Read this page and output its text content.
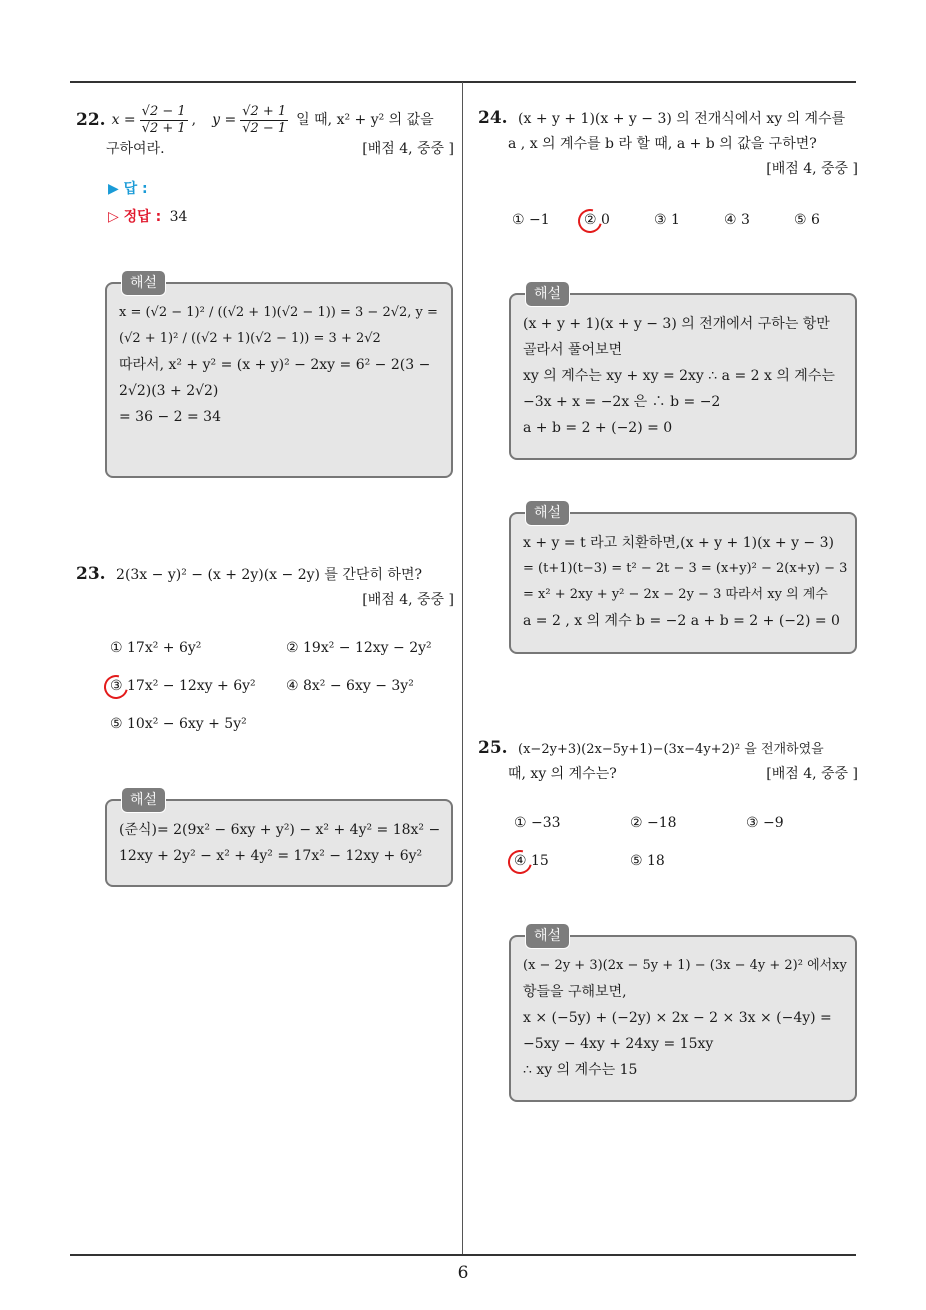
22. $x = \frac{√2 - 1}{√2 + 1}$ , $y = \frac{√2 + 1}{√2 - 1}$ 일 때, x² + y² 의 값을
구하여라.	[배점 4, 중중 ]
▶ 답 :
▷ 정답 : 34
해설
x = (√2 − 1)² / ((√2 + 1)(√2 − 1)) = 3 − 2√2, y =
(√2 + 1)² / ((√2 + 1)(√2 − 1)) = 3 + 2√2
따라서, x² + y² = (x + y)² − 2xy = 6² − 2(3 −
2√2)(3 + 2√2)
= 36 − 2 = 34
23. 2(3x − y)² − (x + 2y)(x − 2y) 를 간단히 하면?
[배점 4, 중중 ]
① 17x² + 6y²	② 19x² − 12xy − 2y²
③ 17x² − 12xy + 6y² ④ 8x² − 6xy − 3y²
⑤ 10x² − 6xy + 5y²
해설
(준식)= 2(9x² − 6xy + y²) − x² + 4y² = 18x² −
12xy + 2y² − x² + 4y² = 17x² − 12xy + 6y²
24. (x + y + 1)(x + y − 3) 의 전개식에서 xy 의 계수를
a , x 의 계수를 b 라 할 때, a + b 의 값을 구하면?
[배점 4, 중중 ]
① −1 ② 0	③ 1	④ 3	⑤ 6
해설
(x + y + 1)(x + y − 3) 의 전개에서 구하는 항만
골라서 풀어보면
xy 의 계수는 xy + xy = 2xy ∴ a = 2 x 의 계수는
−3x + x = −2x 은 ∴ b = −2
a + b = 2 + (−2) = 0
해설
x + y = t 라고 치환하면,(x + y + 1)(x + y − 3)
= (t+1)(t−3) = t² − 2t − 3 = (x+y)² − 2(x+y) − 3
= x² + 2xy + y² − 2x − 2y − 3 따라서 xy 의 계수
a = 2 , x 의 계수 b = −2 a + b = 2 + (−2) = 0
25. (x−2y+3)(2x−5y+1)−(3x−4y+2)² 을 전개하였을
때, xy 의 계수는?	[배점 4, 중중 ]
① −33	② −18	③ −9
④ 15	⑤ 18
해설
(x − 2y + 3)(2x − 5y + 1) − (3x − 4y + 2)² 에서xy
항들을 구해보면,
x × (−5y) + (−2y) × 2x − 2 × 3x × (−4y) =
−5xy − 4xy + 24xy = 15xy
∴ xy 의 계수는 15
6
